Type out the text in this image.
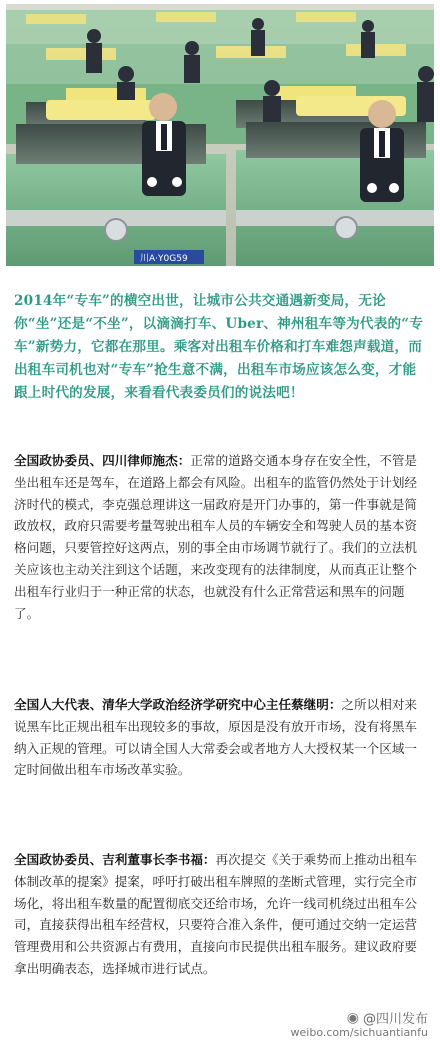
川A·Y0G59
2014年“专车”的横空出世，让城市公共交通遇新变局，无论你“坐”还是“不坐”，以滴滴打车、Uber、神州租车等为代表的“专车”新势力，它都在那里。乘客对出租车价格和打车难怨声载道，而出租车司机也对“专车”抢生意不满，出租车市场应该怎么变，才能跟上时代的发展，来看看代表委员们的说法吧！
全国政协委员、四川律师施杰：正常的道路交通本身存在安全性，不管是坐出租车还是驾车，在道路上都会有风险。出租车的监管仍然处于计划经济时代的模式，李克强总理讲这一届政府是开门办事的，第一件事就是简政放权，政府只需要考量驾驶出租车人员的车辆安全和驾驶人员的基本资格问题，只要管控好这两点，别的事全由市场调节就行了。我们的立法机关应该也主动关注到这个话题，来改变现有的法律制度，从而真正让整个出租车行业归于一种正常的状态，也就没有什么正常营运和黑车的问题了。
全国人大代表、清华大学政治经济学研究中心主任蔡继明：之所以相对来说黑车比正规出租车出现较多的事故，原因是没有放开市场，没有将黑车纳入正规的管理。可以请全国人大常委会或者地方人大授权某一个区域一定时间做出租车市场改革实验。
全国政协委员、吉利董事长李书福：再次提交《关于乘势而上推动出租车体制改革的提案》提案，呼吁打破出租车牌照的垄断式管理，实行完全市场化，将出租车数量的配置彻底交还给市场，允许一线司机绕过出租车公司，直接获得出租车经营权，只要符合准入条件，便可通过交纳一定运营管理费用和公共资源占有费用，直接向市民提供出租车服务。建议政府要拿出明确表态，选择城市进行试点。
◉ @四川发布
weibo.com/sichuantianfu
